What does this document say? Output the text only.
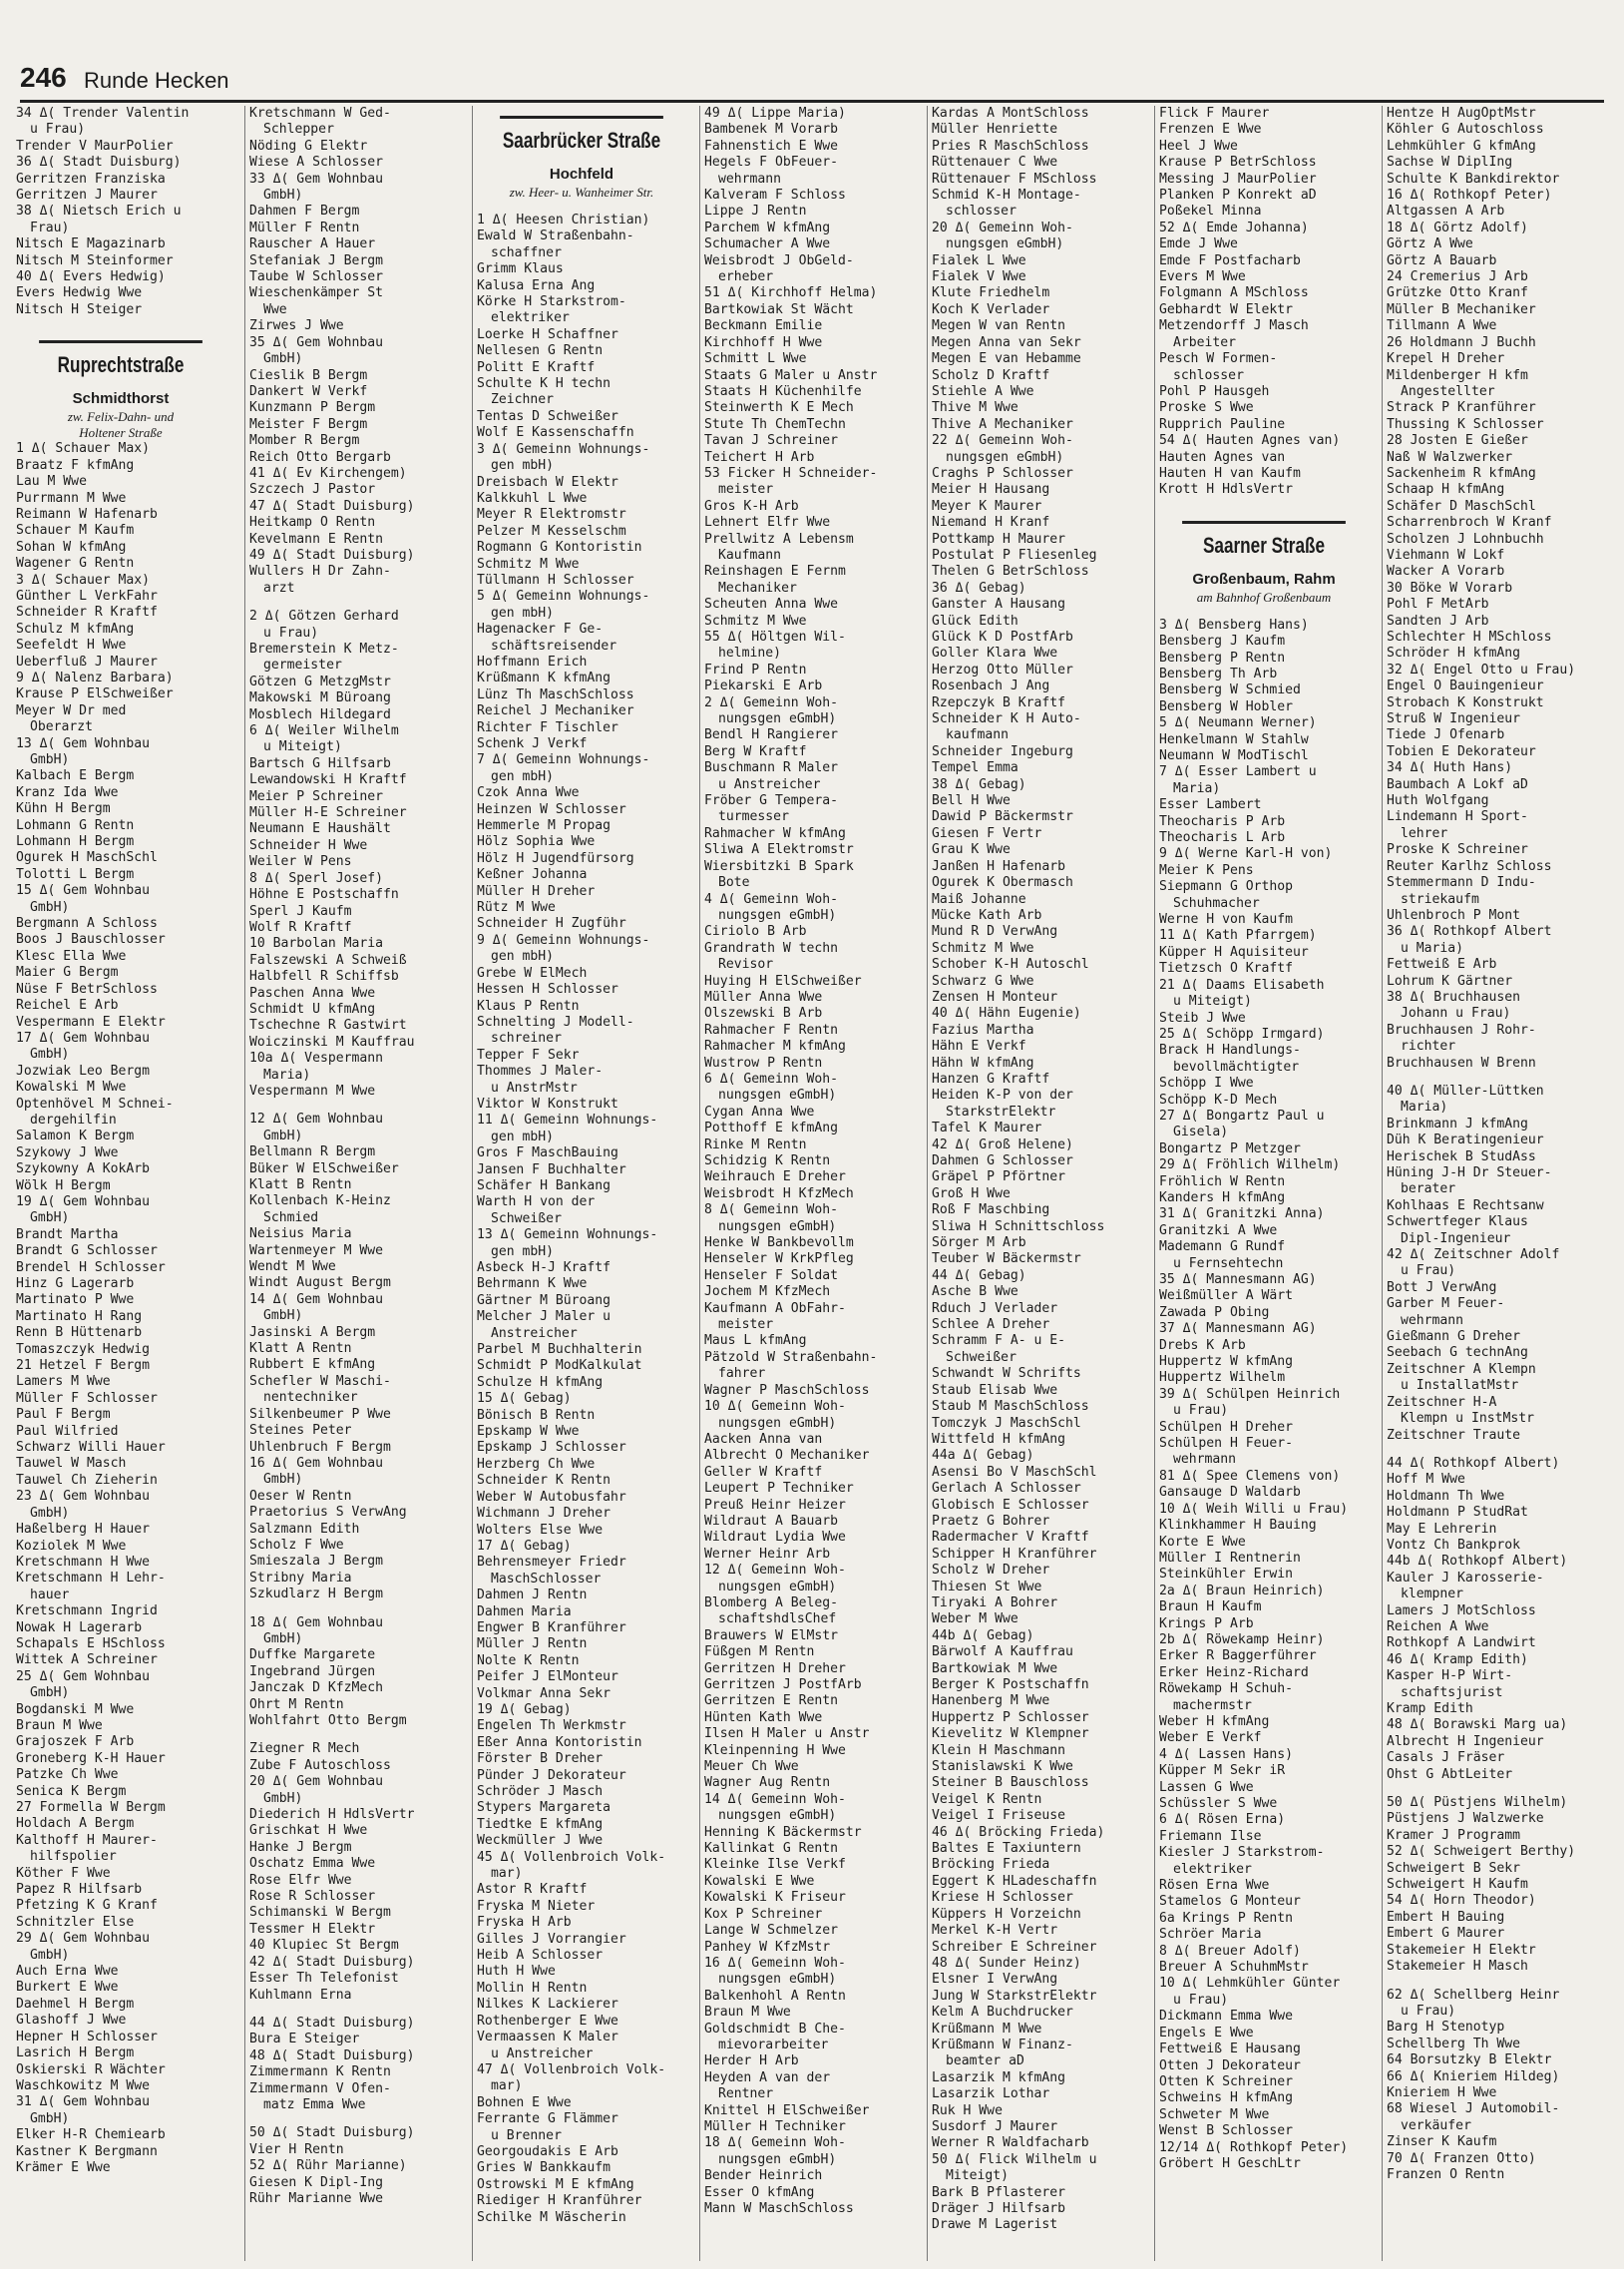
246 Runde Hecken
34 Δ( Trender Valentin
u Frau)
Trender V MaurPolier
36 Δ( Stadt Duisburg)
Gerritzen Franziska
Gerritzen J Maurer
38 Δ( Nietsch Erich u
Frau)
Nitsch E Magazinarb
Nitsch M Steinformer
40 Δ( Evers Hedwig)
Evers Hedwig Wwe
Nitsch H Steiger
Ruprechtstraße
Schmidthorst
zw. Felix-Dahn- und
Holtener Straße
1 Δ( Schauer Max)
Braatz F kfmAng
Lau M Wwe
Purrmann M Wwe
Reimann W Hafenarb
Schauer M Kaufm
Sohan W kfmAng
Wagener G Rentn
3 Δ( Schauer Max)
Günther L VerkFahr
Schneider R Kraftf
Schulz M kfmAng
Seefeldt H Wwe
Ueberfluß J Maurer
9 Δ( Nalenz Barbara)
Krause P ElSchweißer
Meyer W Dr med
Oberarzt
13 Δ( Gem Wohnbau
GmbH)
Kalbach E Bergm
Kranz Ida Wwe
Kühn H Bergm
Lohmann G Rentn
Lohmann H Bergm
Ogurek H MaschSchl
Tolotti L Bergm
15 Δ( Gem Wohnbau
GmbH)
Bergmann A Schloss
Boos J Bauschlosser
Klesc Ella Wwe
Maier G Bergm
Nüse F BetrSchloss
Reichel E Arb
Vespermann E Elektr
17 Δ( Gem Wohnbau
GmbH)
Jozwiak Leo Bergm
Kowalski M Wwe
Optenhövel M Schnei-
dergehilfin
Salamon K Bergm
Szykowy J Wwe
Szykowny A KokArb
Wölk H Bergm
19 Δ( Gem Wohnbau
GmbH)
Brandt Martha
Brandt G Schlosser
Brendel H Schlosser
Hinz G Lagerarb
Martinato P Wwe
Martinato H Rang
Renn B Hüttenarb
Tomaszczyk Hedwig
21 Hetzel F Bergm
Lamers M Wwe
Müller F Schlosser
Paul F Bergm
Paul Wilfried
Schwarz Willi Hauer
Tauwel W Masch
Tauwel Ch Zieherin
23 Δ( Gem Wohnbau
GmbH)
Haßelberg H Hauer
Koziolek M Wwe
Kretschmann H Wwe
Kretschmann H Lehr-
hauer
Kretschmann Ingrid
Nowak H Lagerarb
Schapals E HSchloss
Wittek A Schreiner
25 Δ( Gem Wohnbau
GmbH)
Bogdanski M Wwe
Braun M Wwe
Grajoszek F Arb
Groneberg K-H Hauer
Patzke Ch Wwe
Senica K Bergm
27 Formella W Bergm
Holdach A Bergm
Kalthoff H Maurer-
hilfspolier
Köther F Wwe
Papez R Hilfsarb
Pfetzing K G Kranf
Schnitzler Else
29 Δ( Gem Wohnbau
GmbH)
Auch Erna Wwe
Burkert E Wwe
Daehmel H Bergm
Glashoff J Wwe
Hepner H Schlosser
Lasrich H Bergm
Oskierski R Wächter
Waschkowitz M Wwe
31 Δ( Gem Wohnbau
GmbH)
Elker H-R Chemiearb
Kastner K Bergmann
Krämer E Wwe
Kretschmann W Ged-
Schlepper
Nöding G Elektr
Wiese A Schlosser
33 Δ( Gem Wohnbau
GmbH)
Dahmen F Bergm
Müller F Rentn
Rauscher A Hauer
Stefaniak J Bergm
Taube W Schlosser
Wieschenkämper St
Wwe
Zirwes J Wwe
35 Δ( Gem Wohnbau
GmbH)
Cieslik B Bergm
Dankert W Verkf
Kunzmann P Bergm
Meister F Bergm
Momber R Bergm
Reich Otto Bergarb
41 Δ( Ev Kirchengem)
Szczech J Pastor
47 Δ( Stadt Duisburg)
Heitkamp O Rentn
Kevelmann E Rentn
49 Δ( Stadt Duisburg)
Wullers H Dr Zahn-
arzt
2 Δ( Götzen Gerhard
u Frau)
Bremerstein K Metz-
germeister
Götzen G MetzgMstr
Makowski M Büroang
Mosblech Hildegard
6 Δ( Weiler Wilhelm
u Miteigt)
Bartsch G Hilfsarb
Lewandowski H Kraftf
Meier P Schreiner
Müller H-E Schreiner
Neumann E Haushält
Schneider H Wwe
Weiler W Pens
8 Δ( Sperl Josef)
Höhne E Postschaffn
Sperl J Kaufm
Wolf R Kraftf
10 Barbolan Maria
Falszewski A Schweiß
Halbfell R Schiffsb
Paschen Anna Wwe
Schmidt U kfmAng
Tschechne R Gastwirt
Woiczinski M Kauffrau
10a Δ( Vespermann
Maria)
Vespermann M Wwe
12 Δ( Gem Wohnbau
GmbH)
Bellmann R Bergm
Büker W ElSchweißer
Klatt B Rentn
Kollenbach K-Heinz
Schmied
Neisius Maria
Wartenmeyer M Wwe
Wendt M Wwe
Windt August Bergm
14 Δ( Gem Wohnbau
GmbH)
Jasinski A Bergm
Klatt A Rentn
Rubbert E kfmAng
Schefler W Maschi-
nentechniker
Silkenbeumer P Wwe
Steines Peter
Uhlenbruch F Bergm
16 Δ( Gem Wohnbau
GmbH)
Oeser W Rentn
Praetorius S VerwAng
Salzmann Edith
Scholz F Wwe
Smieszala J Bergm
Stribny Maria
Szkudlarz H Bergm
18 Δ( Gem Wohnbau
GmbH)
Duffke Margarete
Ingebrand Jürgen
Janczak D KfzMech
Ohrt M Rentn
Wohlfahrt Otto Bergm
Ziegner R Mech
Zube F Autoschloss
20 Δ( Gem Wohnbau
GmbH)
Diederich H HdlsVertr
Grischkat H Wwe
Hanke J Bergm
Oschatz Emma Wwe
Rose Elfr Wwe
Rose R Schlosser
Schimanski W Bergm
Tessmer H Elektr
40 Klupiec St Bergm
42 Δ( Stadt Duisburg)
Esser Th Telefonist
Kuhlmann Erna
44 Δ( Stadt Duisburg)
Bura E Steiger
48 Δ( Stadt Duisburg)
Zimmermann K Rentn
Zimmermann V Ofen-
matz Emma Wwe
50 Δ( Stadt Duisburg)
Vier H Rentn
52 Δ( Rühr Marianne)
Giesen K Dipl-Ing
Rühr Marianne Wwe
Saarbrücker Straße
Hochfeld
zw. Heer- u. Wanheimer Str.
1 Δ( Heesen Christian)
Ewald W Straßenbahn-
schaffner
Grimm Klaus
Kalusa Erna Ang
Körke H Starkstrom-
elektriker
Loerke H Schaffner
Nellesen G Rentn
Politt E Kraftf
Schulte K H techn
Zeichner
Tentas D Schweißer
Wolf E Kassenschaffn
3 Δ( Gemeinn Wohnungs-
gen mbH)
Dreisbach W Elektr
Kalkkuhl L Wwe
Meyer R Elektromstr
Pelzer M Kesselschm
Rogmann G Kontoristin
Schmitz M Wwe
Tüllmann H Schlosser
5 Δ( Gemeinn Wohnungs-
gen mbH)
Hagenacker F Ge-
schäftsreisender
Hoffmann Erich
Krüßmann K kfmAng
Lünz Th MaschSchloss
Reichel J Mechaniker
Richter F Tischler
Schenk J Verkf
7 Δ( Gemeinn Wohnungs-
gen mbH)
Czok Anna Wwe
Heinzen W Schlosser
Hemmerle M Propag
Hölz Sophia Wwe
Hölz H Jugendfürsorg
Keßner Johanna
Müller H Dreher
Rütz M Wwe
Schneider H Zugführ
9 Δ( Gemeinn Wohnungs-
gen mbH)
Grebe W ElMech
Hessen H Schlosser
Klaus P Rentn
Schnelting J Modell-
schreiner
Tepper F Sekr
Thommes J Maler-
u AnstrMstr
Viktor W Konstrukt
11 Δ( Gemeinn Wohnungs-
gen mbH)
Gros F MaschBauing
Jansen F Buchhalter
Schäfer H Bankang
Warth H von der
Schweißer
13 Δ( Gemeinn Wohnungs-
gen mbH)
Asbeck H-J Kraftf
Behrmann K Wwe
Gärtner M Büroang
Melcher J Maler u
Anstreicher
Parbel M Buchhalterin
Schmidt P ModKalkulat
Schulze H kfmAng
15 Δ( Gebag)
Bönisch B Rentn
Epskamp W Wwe
Epskamp J Schlosser
Herzberg Ch Wwe
Schneider K Rentn
Weber W Autobusfahr
Wichmann J Dreher
Wolters Else Wwe
17 Δ( Gebag)
Behrensmeyer Friedr
MaschSchlosser
Dahmen J Rentn
Dahmen Maria
Engwer B Kranführer
Müller J Rentn
Nolte K Rentn
Peifer J ElMonteur
Volkmar Anna Sekr
19 Δ( Gebag)
Engelen Th Werkmstr
Eßer Anna Kontoristin
Förster B Dreher
Pünder J Dekorateur
Schröder J Masch
Stypers Margareta
Tiedtke E kfmAng
Weckmüller J Wwe
45 Δ( Vollenbroich Volk-
mar)
Astor R Kraftf
Fryska M Nieter
Fryska H Arb
Gilles J Vorrangier
Heib A Schlosser
Huth H Wwe
Mollin H Rentn
Nilkes K Lackierer
Rothenberger E Wwe
Vermaassen K Maler
u Anstreicher
47 Δ( Vollenbroich Volk-
mar)
Bohnen E Wwe
Ferrante G Flämmer
u Brenner
Georgoudakis E Arb
Gries W Bankkaufm
Ostrowski M E kfmAng
Riediger H Kranführer
Schilke M Wäscherin
49 Δ( Lippe Maria)
Bambenek M Vorarb
Fahnenstich E Wwe
Hegels F ObFeuer-
wehrmann
Kalveram F Schloss
Lippe J Rentn
Parchem W kfmAng
Schumacher A Wwe
Weisbrodt J ObGeld-
erheber
51 Δ( Kirchhoff Helma)
Bartkowiak St Wächt
Beckmann Emilie
Kirchhoff H Wwe
Schmitt L Wwe
Staats G Maler u Anstr
Staats H Küchenhilfe
Steinwerth K E Mech
Stute Th ChemTechn
Tavan J Schreiner
Teichert H Arb
53 Ficker H Schneider-
meister
Gros K-H Arb
Lehnert Elfr Wwe
Prellwitz A Lebensm
Kaufmann
Reinshagen E Fernm
Mechaniker
Scheuten Anna Wwe
Schmitz M Wwe
55 Δ( Höltgen Wil-
helmine)
Frind P Rentn
Piekarski E Arb
2 Δ( Gemeinn Woh-
nungsgen eGmbH)
Bendl H Rangierer
Berg W Kraftf
Buschmann R Maler
u Anstreicher
Fröber G Tempera-
turmesser
Rahmacher W kfmAng
Sliwa A Elektromstr
Wiersbitzki B Spark
Bote
4 Δ( Gemeinn Woh-
nungsgen eGmbH)
Ciriolo B Arb
Grandrath W techn
Revisor
Huying H ElSchweißer
Müller Anna Wwe
Olszewski B Arb
Rahmacher F Rentn
Rahmacher M kfmAng
Wustrow P Rentn
6 Δ( Gemeinn Woh-
nungsgen eGmbH)
Cygan Anna Wwe
Potthoff E kfmAng
Rinke M Rentn
Schidzig K Rentn
Weihrauch E Dreher
Weisbrodt H KfzMech
8 Δ( Gemeinn Woh-
nungsgen eGmbH)
Henke W Bankbevollm
Henseler W KrkPfleg
Henseler F Soldat
Jochem M KfzMech
Kaufmann A ObFahr-
meister
Maus L kfmAng
Pätzold W Straßenbahn-
fahrer
Wagner P MaschSchloss
10 Δ( Gemeinn Woh-
nungsgen eGmbH)
Aacken Anna van
Albrecht O Mechaniker
Geller W Kraftf
Leupert P Techniker
Preuß Heinr Heizer
Wildraut A Bauarb
Wildraut Lydia Wwe
Werner Heinr Arb
12 Δ( Gemeinn Woh-
nungsgen eGmbH)
Blomberg A Beleg-
schaftshdlsChef
Brauwers W ElMstr
Füßgen M Rentn
Gerritzen H Dreher
Gerritzen J PostfArb
Gerritzen E Rentn
Hünten Kath Wwe
Ilsen H Maler u Anstr
Kleinpenning H Wwe
Meuer Ch Wwe
Wagner Aug Rentn
14 Δ( Gemeinn Woh-
nungsgen eGmbH)
Henning K Bäckermstr
Kallinkat G Rentn
Kleinke Ilse Verkf
Kowalski E Wwe
Kowalski K Friseur
Kox P Schreiner
Lange W Schmelzer
Panhey W KfzMstr
16 Δ( Gemeinn Woh-
nungsgen eGmbH)
Balkenhohl A Rentn
Braun M Wwe
Goldschmidt B Che-
mievorarbeiter
Herder H Arb
Heyden A van der
Rentner
Knittel H ElSchweißer
Müller H Techniker
18 Δ( Gemeinn Woh-
nungsgen eGmbH)
Bender Heinrich
Esser O kfmAng
Mann W MaschSchloss
Kardas A MontSchloss
Müller Henriette
Pries R MaschSchloss
Rüttenauer C Wwe
Rüttenauer F MSchloss
Schmid K-H Montage-
schlosser
20 Δ( Gemeinn Woh-
nungsgen eGmbH)
Fialek L Wwe
Fialek V Wwe
Klute Friedhelm
Koch K Verlader
Megen W van Rentn
Megen Anna van Sekr
Megen E van Hebamme
Scholz D Kraftf
Stiehle A Wwe
Thive M Wwe
Thive A Mechaniker
22 Δ( Gemeinn Woh-
nungsgen eGmbH)
Craghs P Schlosser
Meier H Hausang
Meyer K Maurer
Niemand H Kranf
Pottkamp H Maurer
Postulat P Fliesenleg
Thelen G BetrSchloss
36 Δ( Gebag)
Ganster A Hausang
Glück Edith
Glück K D PostfArb
Goller Klara Wwe
Herzog Otto Müller
Rosenbach J Ang
Rzepczyk B Kraftf
Schneider K H Auto-
kaufmann
Schneider Ingeburg
Tempel Emma
38 Δ( Gebag)
Bell H Wwe
Dawid P Bäckermstr
Giesen F Vertr
Grau K Wwe
Janßen H Hafenarb
Ogurek K Obermasch
Maiß Johanne
Mücke Kath Arb
Mund R D VerwAng
Schmitz M Wwe
Schober K-H Autoschl
Schwarz G Wwe
Zensen H Monteur
40 Δ( Hähn Eugenie)
Fazius Martha
Hähn E Verkf
Hähn W kfmAng
Hanzen G Kraftf
Heiden K-P von der
StarkstrElektr
Tafel K Maurer
42 Δ( Groß Helene)
Dahmen G Schlosser
Gräpel P Pförtner
Groß H Wwe
Roß F Maschbing
Sliwa H Schnittschloss
Sörger M Arb
Teuber W Bäckermstr
44 Δ( Gebag)
Asche B Wwe
Rduch J Verlader
Schlee A Dreher
Schramm F A- u E-
Schweißer
Schwandt W Schrifts
Staub Elisab Wwe
Staub M MaschSchloss
Tomczyk J MaschSchl
Wittfeld H kfmAng
44a Δ( Gebag)
Asensi Bo V MaschSchl
Gerlach A Schlosser
Globisch E Schlosser
Praetz G Bohrer
Radermacher V Kraftf
Schipper H Kranführer
Scholz W Dreher
Thiesen St Wwe
Tiryaki A Bohrer
Weber M Wwe
44b Δ( Gebag)
Bärwolf A Kauffrau
Bartkowiak M Wwe
Berger K Postschaffn
Hanenberg M Wwe
Huppertz P Schlosser
Kievelitz W Klempner
Klein H Maschmann
Stanislawski K Wwe
Steiner B Bauschloss
Veigel K Rentn
Veigel I Friseuse
46 Δ( Bröcking Frieda)
Baltes E Taxiuntern
Bröcking Frieda
Eggert K HLadeschaffn
Kriese H Schlosser
Küppers H Vorzeichn
Merkel K-H Vertr
Schreiber E Schreiner
48 Δ( Sunder Heinz)
Elsner I VerwAng
Jung W StarkstrElektr
Kelm A Buchdrucker
Krüßmann M Wwe
Krüßmann W Finanz-
beamter aD
Lasarzik M kfmAng
Lasarzik Lothar
Ruk H Wwe
Susdorf J Maurer
Werner R Waldfacharb
50 Δ( Flick Wilhelm u
Miteigt)
Bark B Pflasterer
Dräger J Hilfsarb
Drawe M Lagerist
Flick F Maurer
Frenzen E Wwe
Heel J Wwe
Krause P BetrSchloss
Messing J MaurPolier
Planken P Konrekt aD
Poßekel Minna
52 Δ( Emde Johanna)
Emde J Wwe
Emde F Postfacharb
Evers M Wwe
Folgmann A MSchloss
Gebhardt W Elektr
Metzendorff J Masch
Arbeiter
Pesch W Formen-
schlosser
Pohl P Hausgeh
Proske S Wwe
Rupprich Pauline
54 Δ( Hauten Agnes van)
Hauten Agnes van
Hauten H van Kaufm
Krott H HdlsVertr
Saarner Straße
Großenbaum, Rahm
am Bahnhof Großenbaum
3 Δ( Bensberg Hans)
Bensberg J Kaufm
Bensberg P Rentn
Bensberg Th Arb
Bensberg W Schmied
Bensberg W Hobler
5 Δ( Neumann Werner)
Henkelmann W Stahlw
Neumann W ModTischl
7 Δ( Esser Lambert u
Maria)
Esser Lambert
Theocharis P Arb
Theocharis L Arb
9 Δ( Werne Karl-H von)
Meier K Pens
Siepmann G Orthop
Schuhmacher
Werne H von Kaufm
11 Δ( Kath Pfarrgem)
Küpper H Aquisiteur
Tietzsch O Kraftf
21 Δ( Daams Elisabeth
u Miteigt)
Steib J Wwe
25 Δ( Schöpp Irmgard)
Brack H Handlungs-
bevollmächtigter
Schöpp I Wwe
Schöpp K-D Mech
27 Δ( Bongartz Paul u
Gisela)
Bongartz P Metzger
29 Δ( Fröhlich Wilhelm)
Fröhlich W Rentn
Kanders H kfmAng
31 Δ( Granitzki Anna)
Granitzki A Wwe
Mademann G Rundf
u Fernsehtechn
35 Δ( Mannesmann AG)
Weißmüller A Wärt
Zawada P Obing
37 Δ( Mannesmann AG)
Drebs K Arb
Huppertz W kfmAng
Huppertz Wilhelm
39 Δ( Schülpen Heinrich
u Frau)
Schülpen H Dreher
Schülpen H Feuer-
wehrmann
81 Δ( Spee Clemens von)
Gansauge D Waldarb
10 Δ( Weih Willi u Frau)
Klinkhammer H Bauing
Korte E Wwe
Müller I Rentnerin
Steinkühler Erwin
2a Δ( Braun Heinrich)
Braun H Kaufm
Krings P Arb
2b Δ( Röwekamp Heinr)
Erker R Baggerführer
Erker Heinz-Richard
Röwekamp H Schuh-
machermstr
Weber H kfmAng
Weber E Verkf
4 Δ( Lassen Hans)
Küpper M Sekr iR
Lassen G Wwe
Schüssler S Wwe
6 Δ( Rösen Erna)
Friemann Ilse
Kiesler J Starkstrom-
elektriker
Rösen Erna Wwe
Stamelos G Monteur
6a Krings P Rentn
Schröer Maria
8 Δ( Breuer Adolf)
Breuer A SchuhmMstr
10 Δ( Lehmkühler Günter
u Frau)
Dickmann Emma Wwe
Engels E Wwe
Fettweiß E Hausang
Otten J Dekorateur
Otten K Schreiner
Schweins H kfmAng
Schweter M Wwe
Wenst B Schlosser
12/14 Δ( Rothkopf Peter)
Gröbert H GeschLtr
Hentze H AugOptMstr
Köhler G Autoschloss
Lehmkühler G kfmAng
Sachse W DiplIng
Schulte K Bankdirektor
16 Δ( Rothkopf Peter)
Altgassen A Arb
18 Δ( Görtz Adolf)
Görtz A Wwe
Görtz A Bauarb
24 Cremerius J Arb
Grützke Otto Kranf
Müller B Mechaniker
Tillmann A Wwe
26 Holdmann J Buchh
Krepel H Dreher
Mildenberger H kfm
Angestellter
Strack P Kranführer
Thussing K Schlosser
28 Josten E Gießer
Naß W Walzwerker
Sackenheim R kfmAng
Schaap H kfmAng
Schäfer D MaschSchl
Scharrenbroch W Kranf
Scholzen J Lohnbuchh
Viehmann W Lokf
Wacker A Vorarb
30 Böke W Vorarb
Pohl F MetArb
Sandten J Arb
Schlechter H MSchloss
Schröder H kfmAng
32 Δ( Engel Otto u Frau)
Engel O Bauingenieur
Strobach K Konstrukt
Struß W Ingenieur
Tiede J Ofenarb
Tobien E Dekorateur
34 Δ( Huth Hans)
Baumbach A Lokf aD
Huth Wolfgang
Lindemann H Sport-
lehrer
Proske K Schreiner
Reuter Karlhz Schloss
Stemmermann D Indu-
striekaufm
Uhlenbroch P Mont
36 Δ( Rothkopf Albert
u Maria)
Fettweiß E Arb
Lohrum K Gärtner
38 Δ( Bruchhausen
Johann u Frau)
Bruchhausen J Rohr-
richter
Bruchhausen W Brenn
40 Δ( Müller-Lüttken
Maria)
Brinkmann J kfmAng
Düh K Beratingenieur
Herischek B StudAss
Hüning J-H Dr Steuer-
berater
Kohlhaas E Rechtsanw
Schwertfeger Klaus
Dipl-Ingenieur
42 Δ( Zeitschner Adolf
u Frau)
Bott J VerwAng
Garber M Feuer-
wehrmann
Gießmann G Dreher
Seebach G technAng
Zeitschner A Klempn
u InstallatMstr
Zeitschner H-A
Klempn u InstMstr
Zeitschner Traute
44 Δ( Rothkopf Albert)
Hoff M Wwe
Holdmann Th Wwe
Holdmann P StudRat
May E Lehrerin
Vontz Ch Bankprok
44b Δ( Rothkopf Albert)
Kauler J Karosserie-
klempner
Lamers J MotSchloss
Reichen A Wwe
Rothkopf A Landwirt
46 Δ( Kramp Edith)
Kasper H-P Wirt-
schaftsjurist
Kramp Edith
48 Δ( Borawski Marg ua)
Albrecht H Ingenieur
Casals J Fräser
Ohst G AbtLeiter
50 Δ( Püstjens Wilhelm)
Püstjens J Walzwerke
Kramer J Programm
52 Δ( Schweigert Berthy)
Schweigert B Sekr
Schweigert H Kaufm
54 Δ( Horn Theodor)
Embert H Bauing
Embert G Maurer
Stakemeier H Elektr
Stakemeier H Masch
62 Δ( Schellberg Heinr
u Frau)
Barg H Stenotyp
Schellberg Th Wwe
64 Borsutzky B Elektr
66 Δ( Knieriem Hildeg)
Knieriem H Wwe
68 Wiesel J Automobil-
verkäufer
Zinser K Kaufm
70 Δ( Franzen Otto)
Franzen O Rentn
